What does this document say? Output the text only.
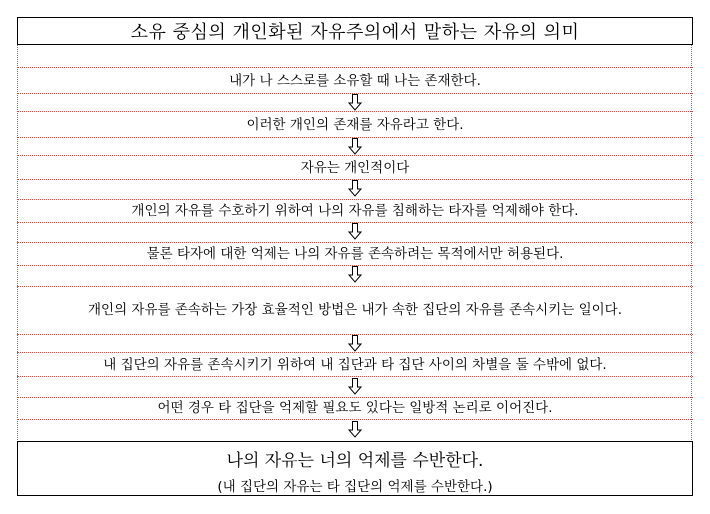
소유 중심의 개인화된 자유주의에서 말하는 자유의 의미
내가 나 스스로를 소유할 때 나는 존재한다.
이러한 개인의 존재를 자유라고 한다.
자유는 개인적이다
개인의 자유를 수호하기 위하여 나의 자유를 침해하는 타자를 억제해야 한다.
물론 타자에 대한 억제는 나의 자유를 존속하려는 목적에서만 허용된다.
개인의 자유를 존속하는 가장 효율적인 방법은 내가 속한 집단의 자유를 존속시키는 일이다.
내 집단의 자유를 존속시키기 위하여 내 집단과 타 집단 사이의 차별을 둘 수밖에 없다.
어떤 경우 타 집단을 억제할 필요도 있다는 일방적 논리로 이어진다.
나의 자유는 너의 억제를 수반한다.
(내 집단의 자유는 타 집단의 억제를 수반한다.)
